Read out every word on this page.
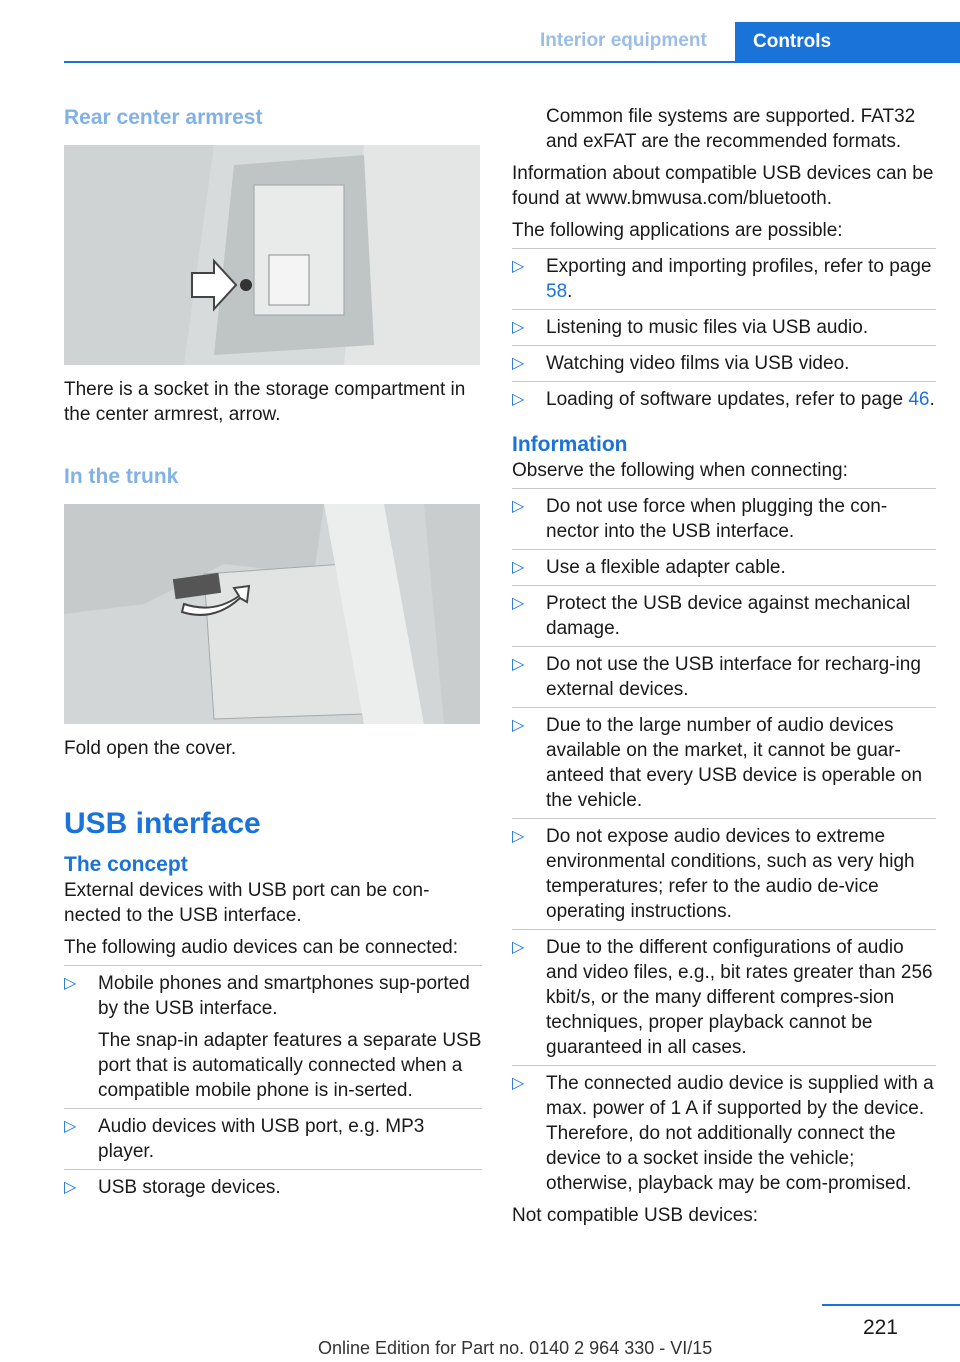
Interior equipment	Controls
Rear center armrest

There is a socket in the storage compartment in the center armrest, arrow.

In the trunk

Fold open the cover.

USB interface
The concept

External devices with USB port can be con-nected to the USB interface.

The following audio devices can be connected:

▷ Mobile phones and smartphones sup-ported by the USB interface.

The snap-in adapter features a separate USB port that is automatically connected when a compatible mobile phone is in-serted.

▷ Audio devices with USB port, e.g. MP3 player.
▷ USB storage devices.

Common file systems are supported. FAT32 and exFAT are the recommended formats.

Information about compatible USB devices can be found at www.bmwusa.com/bluetooth.

The following applications are possible:

▷ Exporting and importing profiles, refer to page 58.
▷ Listening to music files via USB audio.
▷ Watching video films via USB video.
▷ Loading of software updates, refer to page 46.
Information

Observe the following when connecting:

▷ Do not use force when plugging the con-nector into the USB interface.
▷ Use a flexible adapter cable.
▷ Protect the USB device against mechanical damage.
▷ Do not use the USB interface for recharg-ing external devices.
▷ Due to the large number of audio devices available on the market, it cannot be guar-anteed that every USB device is operable on the vehicle.
▷ Do not expose audio devices to extreme environmental conditions, such as very high temperatures; refer to the audio de-vice operating instructions.
▷ Due to the different configurations of audio and video files, e.g., bit rates greater than 256 kbit/s, or the many different compres-sion techniques, proper playback cannot be guaranteed in all cases.
▷ The connected audio device is supplied with a max. power of 1 A if supported by the device. Therefore, do not additionally connect the device to a socket inside the vehicle; otherwise, playback may be com-promised.

Not compatible USB devices:

221
Online Edition for Part no. 0140 2 964 330 - VI/15
